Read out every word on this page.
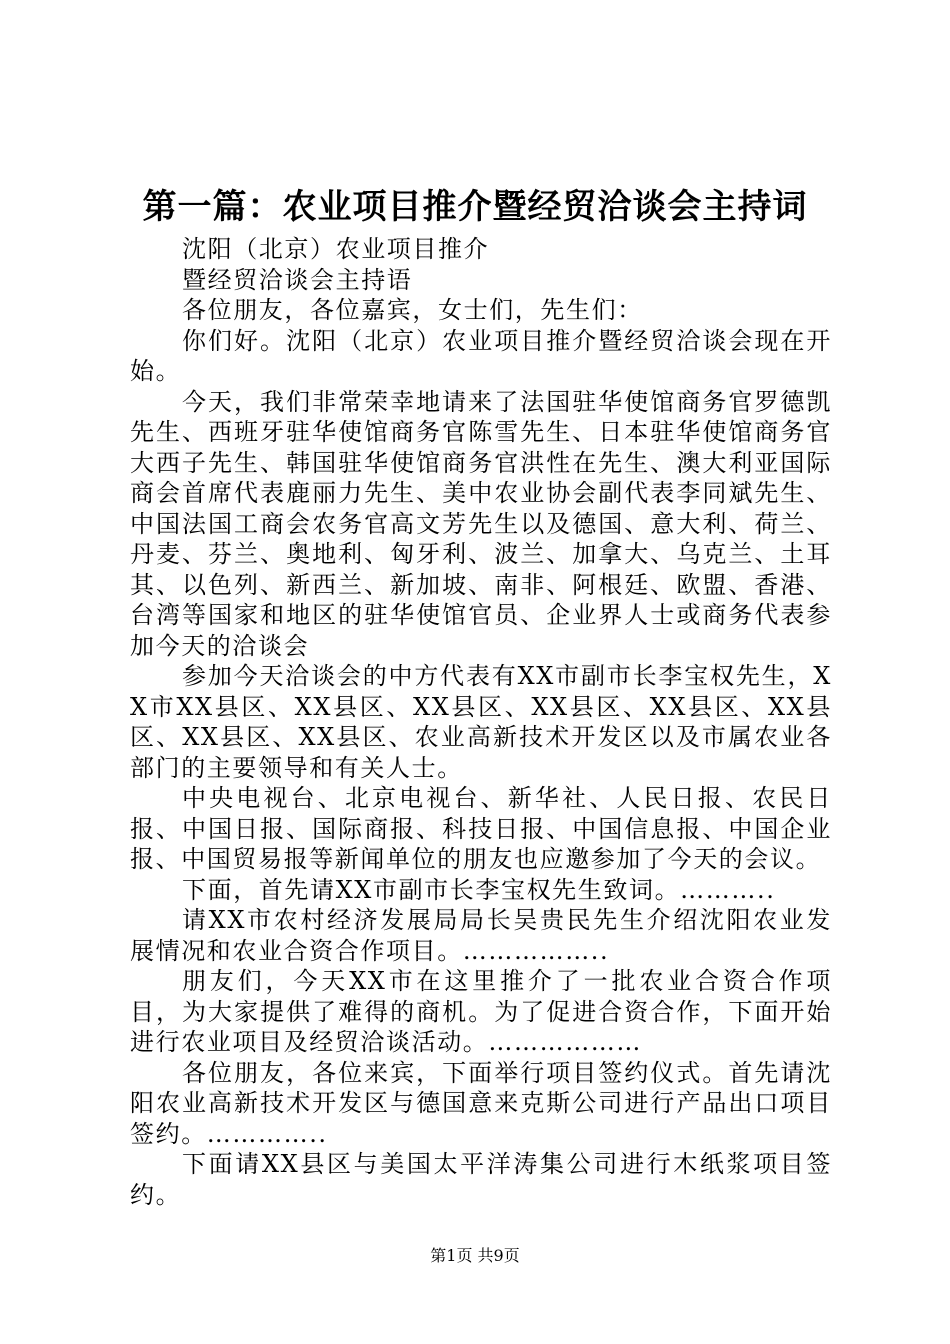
第一篇：农业项目推介暨经贸洽谈会主持词

沈阳（北京）农业项目推介

暨经贸洽谈会主持语

各位朋友，各位嘉宾，女士们，先生们：

你们好。沈阳（北京）农业项目推介暨经贸洽谈会现在开始。

今天，我们非常荣幸地请来了法国驻华使馆商务官罗德凯先生、西班牙驻华使馆商务官陈雪先生、日本驻华使馆商务官大西子先生、韩国驻华使馆商务官洪性在先生、澳大利亚国际商会首席代表鹿丽力先生、美中农业协会副代表李同斌先生、中国法国工商会农务官高文芳先生以及德国、意大利、荷兰、丹麦、芬兰、奥地利、匈牙利、波兰、加拿大、乌克兰、土耳其、以色列、新西兰、新加坡、南非、阿根廷、欧盟、香港、台湾等国家和地区的驻华使馆官员、企业界人士或商务代表参加今天的洽谈会

参加今天洽谈会的中方代表有XX市副市长李宝权先生，XX市XX县区、XX县区、XX县区、XX县区、XX县区、XX县区、XX县区、XX县区、农业高新技术开发区以及市属农业各部门的主要领导和有关人士。

中央电视台、北京电视台、新华社、人民日报、农民日报、中国日报、国际商报、科技日报、中国信息报、中国企业报、中国贸易报等新闻单位的朋友也应邀参加了今天的会议。

下面，首先请XX市副市长李宝权先生致词。………..

请XX市农村经济发展局局长吴贵民先生介绍沈阳农业发展情况和农业合资合作项目。……………..

朋友们，今天XX市在这里推介了一批农业合资合作项目，为大家提供了难得的商机。为了促进合资合作，下面开始进行农业项目及经贸洽谈活动。………………

各位朋友，各位来宾，下面举行项目签约仪式。首先请沈阳农业高新技术开发区与德国意来克斯公司进行产品出口项目签约。…………..

下面请XX县区与美国太平洋涛集公司进行木纸浆项目签约。

第1页 共9页
